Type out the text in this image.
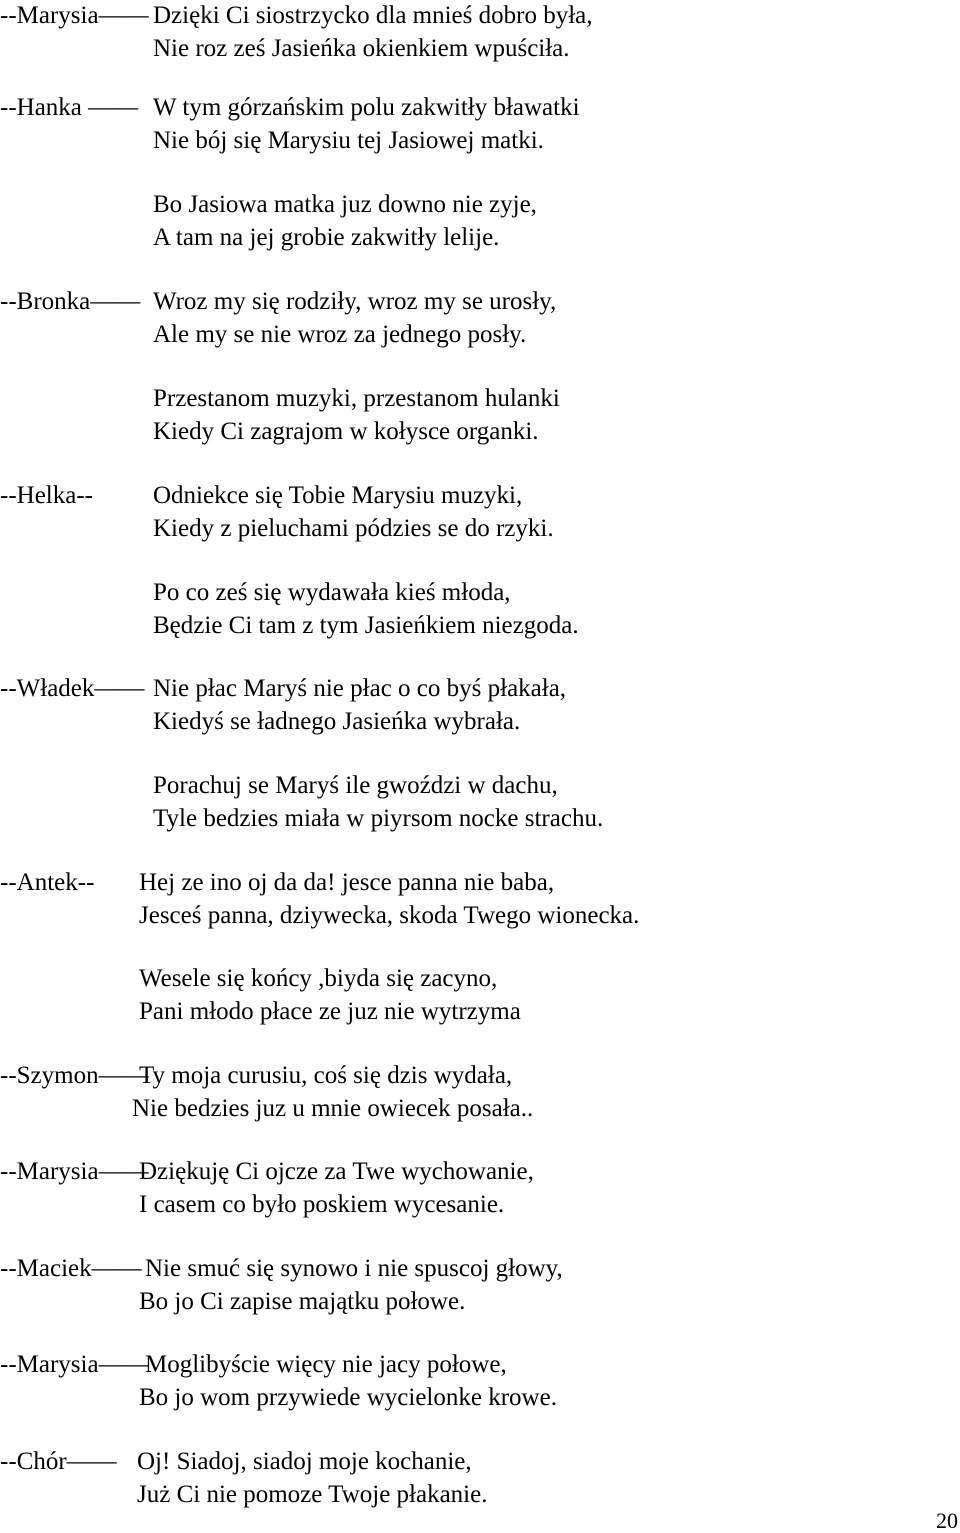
--Marysia—— Dzięki Ci siostrzycko dla mnieś dobro była,
Nie roz ześ Jasieńka okienkiem wpuściła.
--Hanka —— W tym górzańskim polu zakwitły bławatki
Nie bój się Marysiu tej Jasiowej matki.
Bo Jasiowa matka juz downo nie zyje,
A tam na jej grobie zakwitły lelije.
--Bronka—— Wroz my się rodziły, wroz my se urosły,
Ale my se nie wroz za jednego posły.
Przestanom muzyki, przestanom hulanki
Kiedy Ci zagrajom w kołysce organki.
--Helka-- Odniekce się Tobie Marysiu muzyki,
Kiedy z pieluchami pódzies se do rzyki.
Po co ześ się wydawała kieś młoda,
Będzie Ci tam z tym Jasieńkiem niezgoda.
--Władek—— Nie płac Maryś nie płac o co byś płakała,
Kiedyś se ładnego Jasieńka wybrała.
Porachuj se Maryś ile gwoździ w dachu,
Tyle bedzies miała w piyrsom nocke strachu.
--Antek-- Hej ze ino oj da da! jesce panna nie baba,
Jesceś panna, dziywecka, skoda Twego wionecka.
Wesele się końcy ,biyda się zacyno,
Pani młodo płace ze juz nie wytrzyma
--Szymon——
Ty moja curusiu, coś się dzis wydała,
Nie bedzies juz u mnie owiecek posała..
--Marysia——
Dziękuję Ci ojcze za Twe wychowanie,
I casem co było poskiem wycesanie.
--Maciek—— Nie smuć się synowo i nie spuscoj głowy,
Bo jo Ci zapise majątku połowe.
--Marysia——
Moglibyście więcy nie jacy połowe,
Bo jo wom przywiede wycielonke krowe.
--Chór—— Oj! Siadoj, siadoj moje kochanie,
Już Ci nie pomoze Twoje płakanie.
20
